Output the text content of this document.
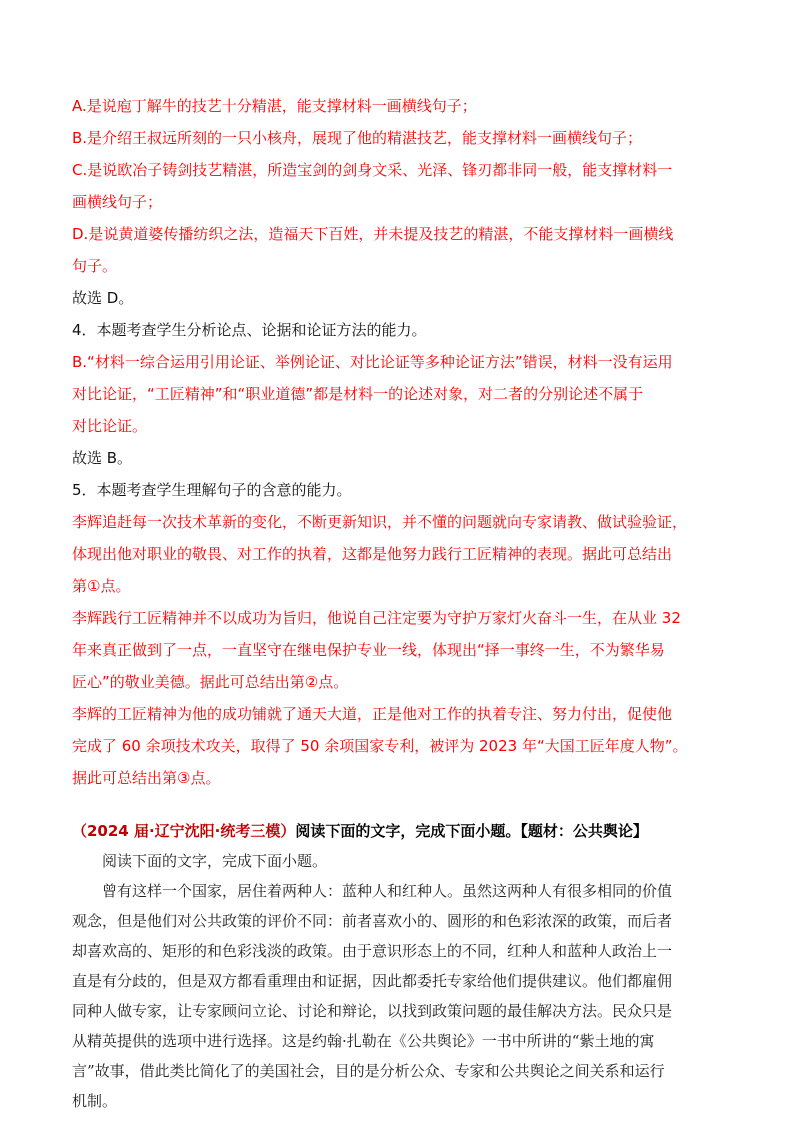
A.是说庖丁解牛的技艺十分精湛，能支撑材料一画横线句子；
B.是介绍王叔远所刻的一只小核舟，展现了他的精湛技艺，能支撑材料一画横线句子；
C.是说欧冶子铸剑技艺精湛，所造宝剑的剑身文采、光泽、锋刃都非同一般，能支撑材料一
画横线句子；
D.是说黄道婆传播纺织之法，造福天下百姓，并未提及技艺的精湛，不能支撑材料一画横线
句子。
故选 D。
4．本题考查学生分析论点、论据和论证方法的能力。
B.“材料一综合运用引用论证、举例论证、对比论证等多种论证方法”错误，材料一没有运用
对比论证，“工匠精神”和“职业道德”都是材料一的论述对象，对二者的分别论述不属于
对比论证。
故选 B。
5．本题考查学生理解句子的含意的能力。
李辉追赶每一次技术革新的变化，不断更新知识，并不懂的问题就向专家请教、做试验验证，
体现出他对职业的敬畏、对工作的执着，这都是他努力践行工匠精神的表现。据此可总结出
第①点。
李辉践行工匠精神并不以成功为旨归，他说自己注定要为守护万家灯火奋斗一生，在从业 32
年来真正做到了一点，一直坚守在继电保护专业一线，体现出“择一事终一生，不为繁华易
匠心”的敬业美德。据此可总结出第②点。
李辉的工匠精神为他的成功铺就了通天大道，正是他对工作的执着专注、努力付出，促使他
完成了 60 余项技术攻关，取得了 50 余项国家专利，被评为 2023 年“大国工匠年度人物”。
据此可总结出第③点。
（2024 届·辽宁沈阳·统考三模）阅读下面的文字，完成下面小题。【题材：公共舆论】
阅读下面的文字，完成下面小题。
曾有这样一个国家，居住着两种人：蓝种人和红种人。虽然这两种人有很多相同的价值
观念，但是他们对公共政策的评价不同：前者喜欢小的、圆形的和色彩浓深的政策，而后者
却喜欢高的、矩形的和色彩浅淡的政策。由于意识形态上的不同，红种人和蓝种人政治上一
直是有分歧的，但是双方都看重理由和证据，因此都委托专家给他们提供建议。他们都雇佣
同种人做专家，让专家顾问立论、讨论和辩论，以找到政策问题的最佳解决方法。民众只是
从精英提供的选项中进行选择。这是约翰·扎勒在《公共舆论》一书中所讲的“紫土地的寓
言”故事，借此类比简化了的美国社会，目的是分析公众、专家和公共舆论之间关系和运行
机制。
